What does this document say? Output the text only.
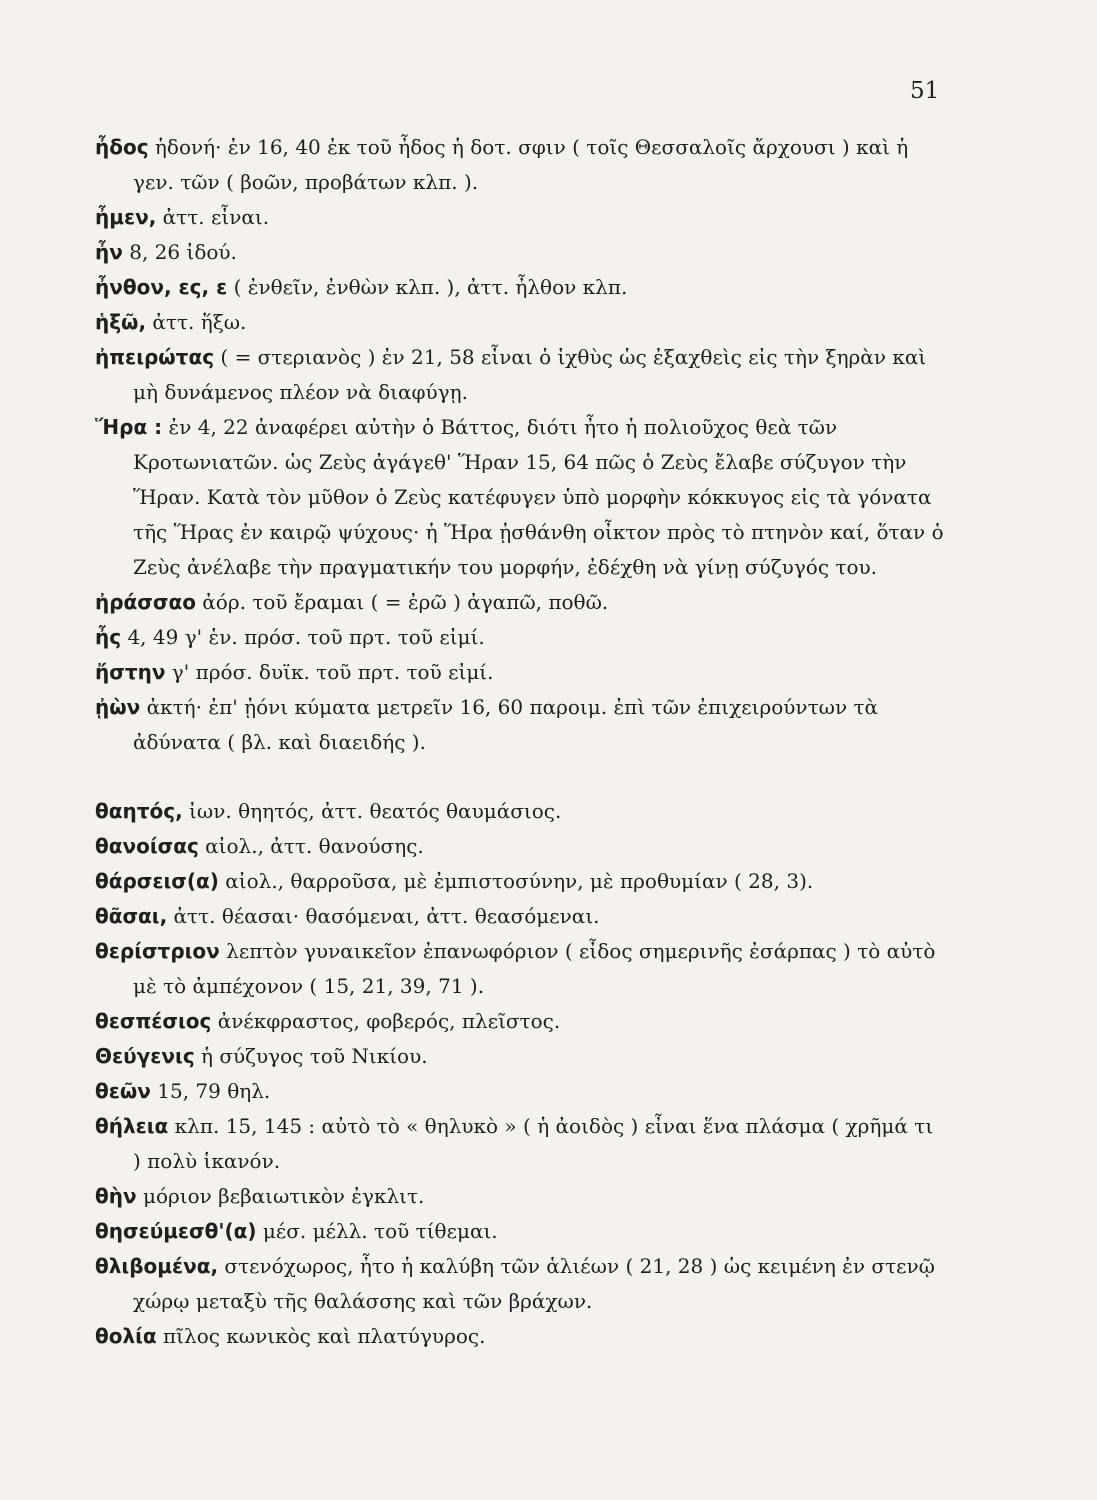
51
ἦδος ἡδονή· ἐν 16, 40 ἐκ τοῦ ἦδος ἡ δοτ. σφιν ( τοῖς Θεσσαλοῖς ἄρχουσι ) καὶ ἡ γεν. τῶν ( βοῶν, προβάτων κλπ. ).
ἦμεν, ἀττ. εἶναι.
ἦν 8, 26 ἰδού.
ἦνθον, ες, ε ( ἐνθεῖν, ἐνθὼν κλπ. ), ἀττ. ἦλθον κλπ.
ἡξῶ, ἀττ. ἥξω.
ἠπειρώτας ( = στεριανὸς ) ἐν 21, 58 εἶναι ὁ ἰχθὺς ὡς ἐξαχθεὶς εἰς τὴν ξηρὰν καὶ μὴ δυνάμενος πλέον νὰ διαφύγῃ.
Ἥρα : ἐν 4, 22 ἀναφέρει αὐτὴν ὁ Βάττος, διότι ἦτο ἡ πολιοῦχος θεὰ τῶν Κροτωνιατῶν. ὡς Ζεὺς ἀγάγεθ' Ἥραν 15, 64 πῶς ὁ Ζεὺς ἔλαβε σύζυγον τὴν Ἥραν. Κατὰ τὸν μῦθον ὁ Ζεὺς κατέφυγεν ὑπὸ μορφὴν κόκκυγος εἰς τὰ γόνατα τῆς Ἥρας ἐν καιρῷ ψύχους· ἡ Ἥρα ᾐσθάνθη οἶκτον πρὸς τὸ πτηνὸν καί, ὅταν ὁ Ζεὺς ἀνέλαβε τὴν πραγματικήν του μορφήν, ἐδέχθη νὰ γίνῃ σύζυγός του.
ἠράσσαο ἀόρ. τοῦ ἔραμαι ( = ἐρῶ ) ἀγαπῶ, ποθῶ.
ἦς 4, 49 γ' ἑν. πρόσ. τοῦ πρτ. τοῦ εἰμί.
ἤστην γ' πρόσ. δυϊκ. τοῦ πρτ. τοῦ εἰμί.
ᾐὼν ἀκτή· ἐπ' ᾐόνι κύματα μετρεῖν 16, 60 παροιμ. ἐπὶ τῶν ἐπιχειρούντων τὰ ἀδύνατα ( βλ. καὶ διαειδής ).
θαητός, ἰων. θηητός, ἀττ. θεατός θαυμάσιος.
θανοίσας αἰολ., ἀττ. θανούσης.
θάρσεισ(α) αἰολ., θαρροῦσα, μὲ ἐμπιστοσύνην, μὲ προθυμίαν ( 28, 3).
θᾶσαι, ἀττ. θέασαι· θασόμεναι, ἀττ. θεασόμεναι.
θερίστριον λεπτὸν γυναικεῖον ἐπανωφόριον ( εἶδος σημερινῆς ἐσάρπας ) τὸ αὐτὸ μὲ τὸ ἀμπέχονον ( 15, 21, 39, 71 ).
θεσπέσιος ἀνέκφραστος, φοβερός, πλεῖστος.
Θεύγενις ἡ σύζυγος τοῦ Νικίου.
θεῶν 15, 79 θηλ.
θήλεια κλπ. 15, 145 : αὐτὸ τὸ « θηλυκὸ » ( ἡ ἀοιδὸς ) εἶναι ἕνα πλάσμα ( χρῆμά τι ) πολὺ ἱκανόν.
θὴν μόριον βεβαιωτικὸν ἐγκλιτ.
θησεύμεσθ'(α) μέσ. μέλλ. τοῦ τίθεμαι.
θλιβομένα, στενόχωρος, ἦτο ἡ καλύβη τῶν ἁλιέων ( 21, 28 ) ὡς κειμένη ἐν στενῷ χώρῳ μεταξὺ τῆς θαλάσσης καὶ τῶν βράχων.
θολία πῖλος κωνικὸς καὶ πλατύγυρος.
